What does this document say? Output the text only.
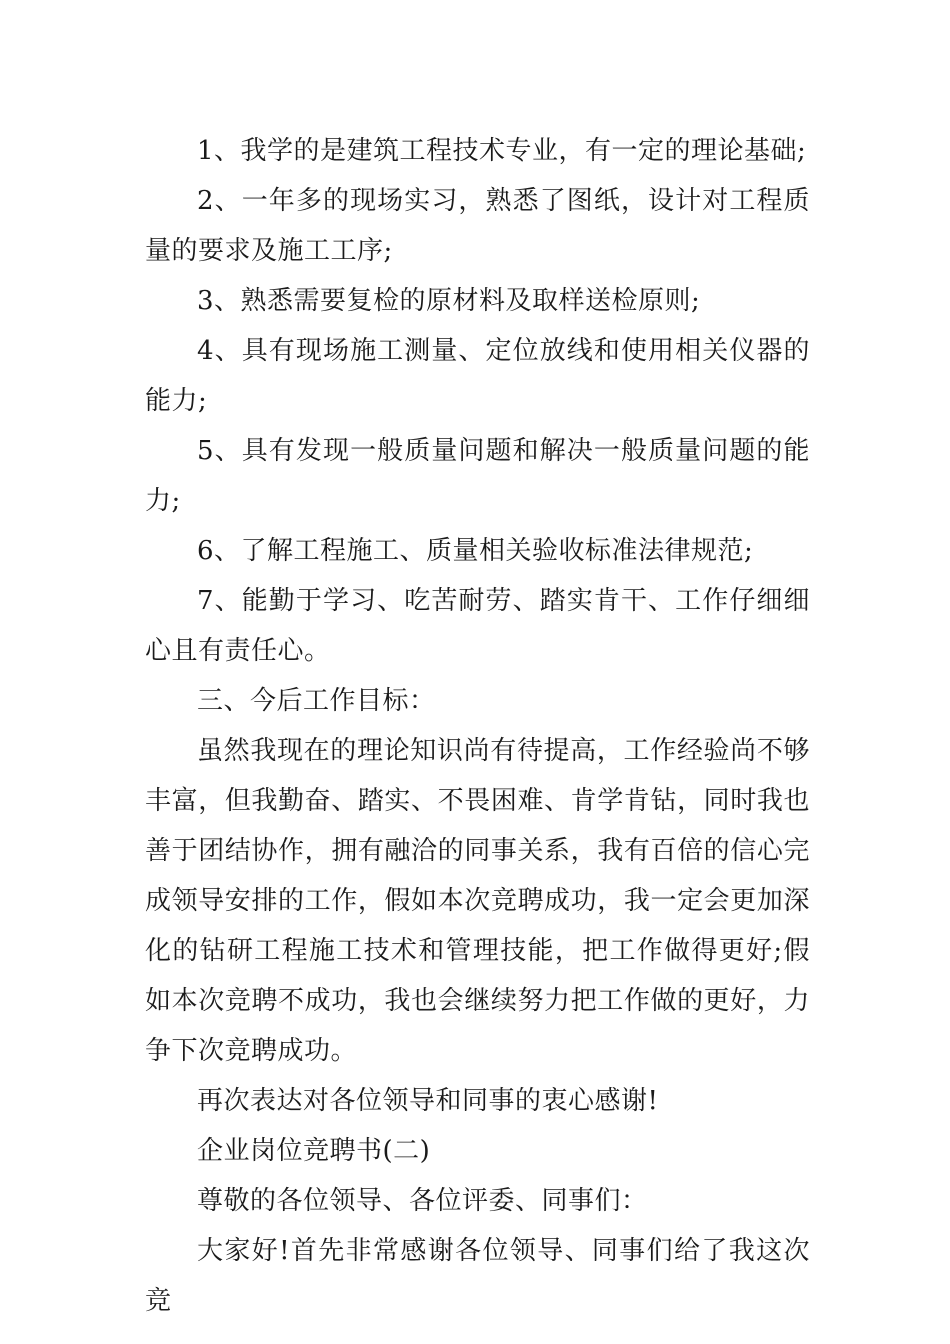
1、我学的是建筑工程技术专业，有一定的理论基础;

2、一年多的现场实习，熟悉了图纸，设计对工程质量的要求及施工工序;

3、熟悉需要复检的原材料及取样送检原则;

4、具有现场施工测量、定位放线和使用相关仪器的能力;

5、具有发现一般质量问题和解决一般质量问题的能力;

6、了解工程施工、质量相关验收标准法律规范;

7、能勤于学习、吃苦耐劳、踏实肯干、工作仔细细心且有责任心。

三、今后工作目标：

虽然我现在的理论知识尚有待提高，工作经验尚不够丰富，但我勤奋、踏实、不畏困难、肯学肯钻，同时我也善于团结协作，拥有融洽的同事关系，我有百倍的信心完成领导安排的工作，假如本次竞聘成功，我一定会更加深化的钻研工程施工技术和管理技能，把工作做得更好;假如本次竞聘不成功，我也会继续努力把工作做的更好，力争下次竞聘成功。

再次表达对各位领导和同事的衷心感谢!

企业岗位竞聘书(二)

尊敬的各位领导、各位评委、同事们：

大家好!首先非常感谢各位领导、同事们给了我这次竞
